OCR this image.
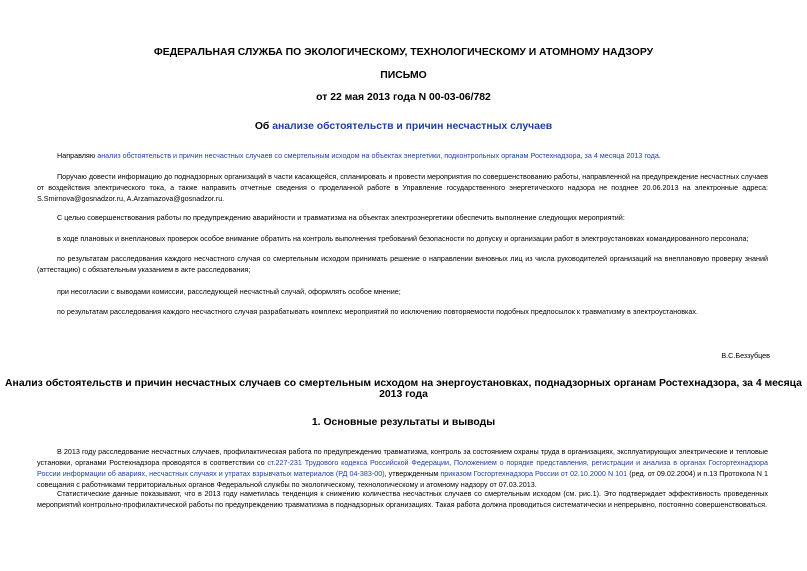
ФЕДЕРАЛЬНАЯ СЛУЖБА ПО ЭКОЛОГИЧЕСКОМУ, ТЕХНОЛОГИЧЕСКОМУ И АТОМНОМУ НАДЗОРУ
ПИСЬМО
от 22 мая 2013 года N 00-03-06/782
Об анализе обстоятельств и причин несчастных случаев
Направляю анализ обстоятельств и причин несчастных случаев со смертельным исходом на объектах энергетики, подконтрольных органам Ростехнадзора, за 4 месяца 2013 года.
Поручаю довести информацию до поднадзорных организаций в части касающейся, спланировать и провести мероприятия по совершенствованию работы, направленной на предупреждение несчастных случаев от воздействия электрического тока, а также направить отчетные сведения о проделанной работе в Управление государственного энергетического надзора не позднее 20.06.2013 на электронные адреса: S.Smirnova@gosnadzor.ru, A.Arzamazova@gosnadzor.ru.
С целью совершенствования работы по предупреждению аварийности и травматизма на объектах электроэнергетики обеспечить выполнение следующих мероприятий:
в ходе плановых и внеплановых проверок особое внимание обратить на контроль выполнения требований безопасности по допуску и организации работ в электроустановках командированного персонала;
по результатам расследования каждого несчастного случая со смертельным исходом принимать решение о направлении виновных лиц из числа руководителей организаций на внеплановую проверку знаний (аттестацию) с обязательным указанием в акте расследования;
при несогласии с выводами комиссии, расследующей несчастный случай, оформлять особое мнение;
по результатам расследования каждого несчастного случая разрабатывать комплекс мероприятий по исключению повторяемости подобных предпосылок к травматизму в электроустановках.
В.С.Беззубцев
Анализ обстоятельств и причин несчастных случаев со смертельным исходом на энергоустановках, поднадзорных органам Ростехнадзора, за 4 месяца 2013 года
1. Основные результаты и выводы
В 2013 году расследование несчастных случаев, профилактическая работа по предупреждению травматизма, контроль за состоянием охраны труда в организациях, эксплуатирующих электрические и тепловые установки, органами Ростехнадзора проводятся в соответствии со ст.227-231 Трудового кодекса Российской Федерации, Положением о порядке представления, регистрации и анализа в органах Госгортехнадзора России информации об авариях, несчастных случаях и утратах взрывчатых материалов (РД 04-383-00), утвержденным приказом Госгортехнадзора России от 02.10.2000 N 101 (ред. от 09.02.2004) и п.13 Протокола N 1 совещания с работниками территориальных органов Федеральной службы по экологическому, технологическому и атомному надзору от 07.03.2013.
Статистические данные показывают, что в 2013 году наметилась тенденция к снижению количества несчастных случаев со смертельным исходом (см. рис.1). Это подтверждает эффективность проведенных мероприятий контрольно-профилактической работы по предупреждению травматизма в поднадзорных организациях. Такая работа должна проводиться систематически и непрерывно, постоянно совершенствоваться.
